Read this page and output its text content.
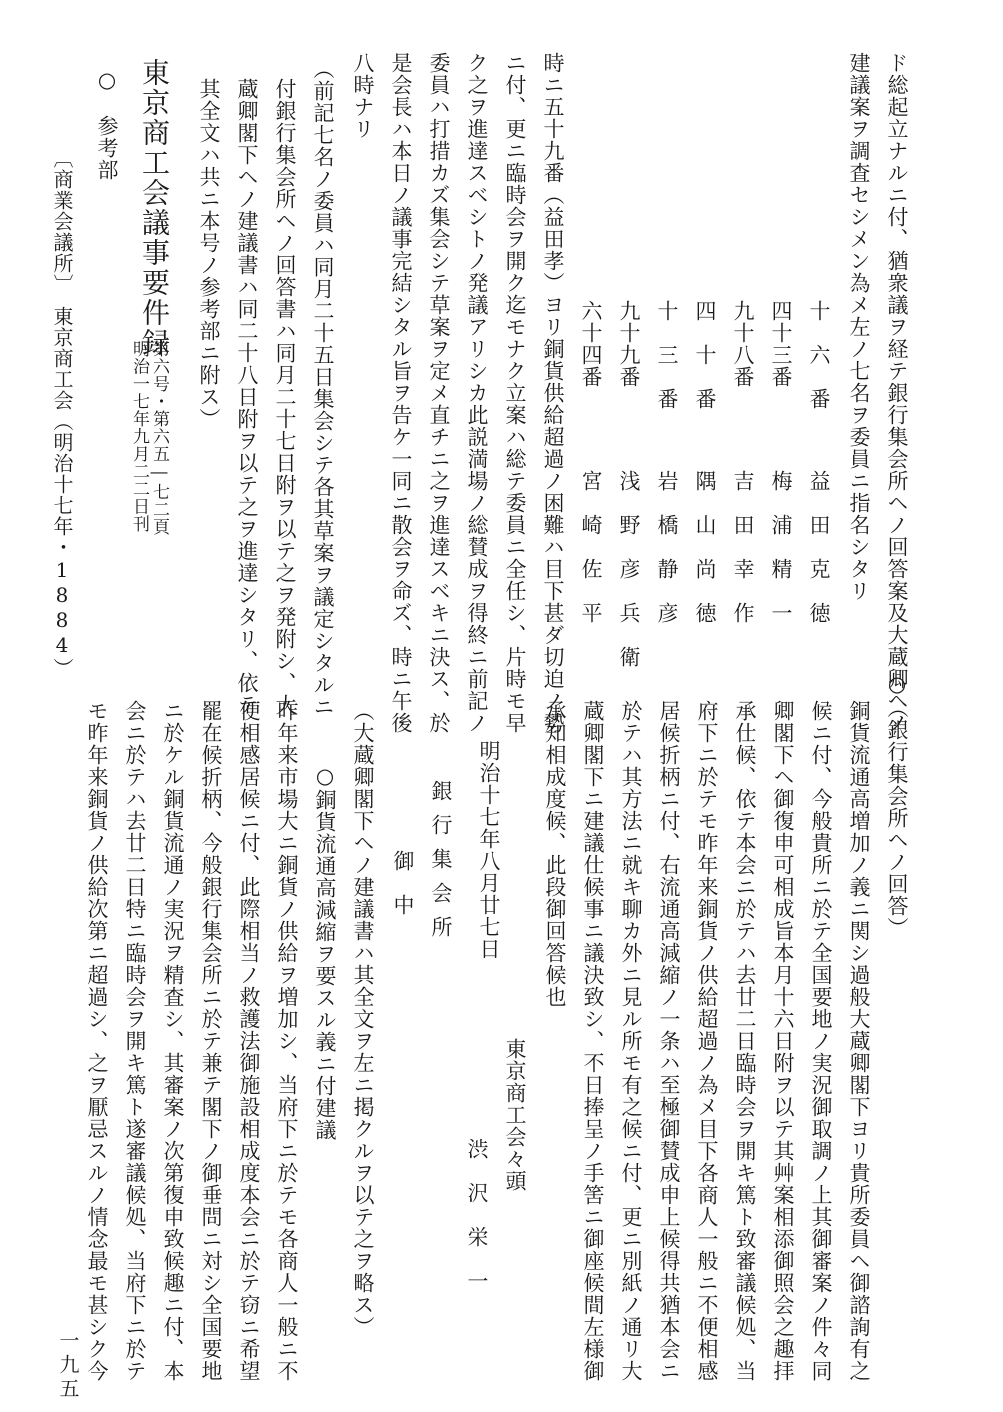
ド総起立ナルニ付、猶衆議ヲ経テ銀行集会所ヘノ回答案及大蔵卿ヘノ
建議案ヲ調査セシメン為メ左ノ七名ヲ委員ニ指名シタリ
十　六　番
益　田　克　徳
四十三番
梅　浦　精　一
九十八番
吉　田　幸　作
四　十　番
隅　山　尚　徳
十　三　番
岩　橋　静　彦
九十九番
浅　野　彦　兵　衛
六十四番
宮　崎　佐　平
時ニ五十九番（益田孝）ヨリ銅貨供給超過ノ困難ハ目下甚ダ切迫ノ勢
ニ付、更ニ臨時会ヲ開ク迄モナク立案ハ総テ委員ニ全任シ、片時モ早
ク之ヲ進達スベシトノ発議アリシカ此説満場ノ総賛成ヲ得終ニ前記ノ
委員ハ打措カズ集会シテ草案ヲ定メ直チニ之ヲ進達スベキニ決ス、於
是会長ハ本日ノ議事完結シタル旨ヲ告ケ一同ニ散会ヲ命ズ、時ニ午後
八時ナリ
（前記七名ノ委員ハ同月二十五日集会シテ各其草案ヲ議定シタルニ
付銀行集会所ヘノ回答書ハ同月二十七日附ヲ以テ之ヲ発附シ、大
蔵卿閣下ヘノ建議書ハ同二十八日附ヲ以テ之ヲ進達シタリ、依テ
其全文ハ共ニ本号ノ参考部ニ附ス）
東京商工会議事要件録
第六号・第六五―七二頁
明治一七年九月二二日刊
○　参考部
〔商業会議所〕　東京商工会（明治十七年・1884）
○（銀行集会所ヘノ回答）
銅貨流通高増加ノ義ニ関シ過般大蔵卿閣下ヨリ貴所委員ヘ御諮詢有之
候ニ付、今般貴所ニ於テ全国要地ノ実況御取調ノ上其御審案ノ件々同
卿閣下ヘ御復申可相成旨本月十六日附ヲ以テ其艸案相添御照会之趣拝
承仕候、依テ本会ニ於テハ去廿二日臨時会ヲ開キ篤ト致審議候処、当
府下ニ於テモ昨年来銅貨ノ供給超過ノ為メ目下各商人一般ニ不便相感
居候折柄ニ付、右流通高減縮ノ一条ハ至極御賛成申上候得共猶本会ニ
於テハ其方法ニ就キ聊カ外ニ見ル所モ有之候ニ付、更ニ別紙ノ通リ大
蔵卿閣下ニ建議仕候事ニ議決致シ、不日捧呈ノ手筈ニ御座候間左様御
承知相成度候、此段御回答候也
東京商工会々頭
明治十七年八月廿七日
渋　沢　栄　一
銀行集会所
御　中
（大蔵卿閣下ヘノ建議書ハ其全文ヲ左ニ掲クルヲ以テ之ヲ略ス）
○銅貨流通高減縮ヲ要スル義ニ付建議
昨年来市場大ニ銅貨ノ供給ヲ増加シ、当府下ニ於テモ各商人一般ニ不
便相感居候ニ付、此際相当ノ救護法御施設相成度本会ニ於テ窃ニ希望
罷在候折柄、今般銀行集会所ニ於テ兼テ閣下ノ御垂問ニ対シ全国要地
ニ於ケル銅貨流通ノ実況ヲ精査シ、其審案ノ次第復申致候趣ニ付、本
会ニ於テハ去廿二日特ニ臨時会ヲ開キ篤ト遂審議候処、当府下ニ於テ
モ昨年来銅貨ノ供給次第ニ超過シ、之ヲ厭忌スルノ情念最モ甚シク今
一九五
